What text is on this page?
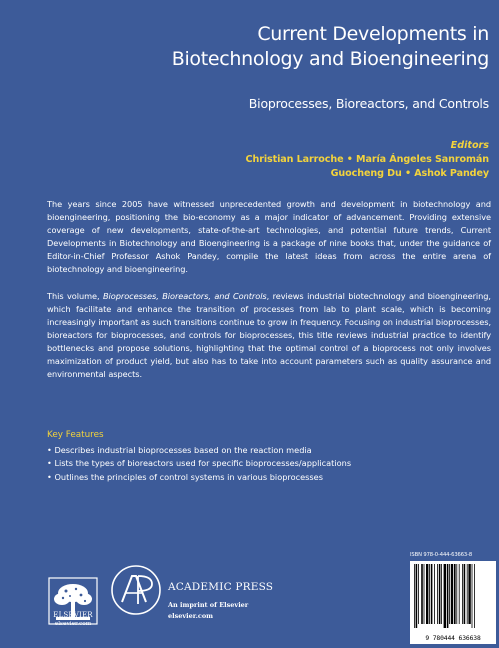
Current Developments in
Biotechnology and Bioengineering
Bioprocesses, Bioreactors, and Controls
Editors
Christian Larroche • María Ángeles Sanromán
Guocheng Du • Ashok Pandey

The years since 2005 have witnessed unprecedented growth and development in biotechnology and bioengineering, positioning the bio-economy as a major indicator of advancement. Providing extensive coverage of new developments, state-of-the-art technologies, and potential future trends, Current Developments in Biotechnology and Bioengineering is a package of nine books that, under the guidance of Editor-in-Chief Professor Ashok Pandey, compile the latest ideas from across the entire arena of biotechnology and bioengineering.

This volume, Bioprocesses, Bioreactors, and Controls, reviews industrial biotechnology and bioengineering, which facilitate and enhance the transition of processes from lab to plant scale, which is becoming increasingly important as such transitions continue to grow in frequency. Focusing on industrial bioprocesses, bioreactors for bioprocesses, and controls for bioprocesses, this title reviews industrial practice to identify bottlenecks and propose solutions, highlighting that the optimal control of a bioprocess not only involves maximization of product yield, but also has to take into account parameters such as quality assurance and environmental aspects.

Key Features
• Describes industrial bioprocesses based on the reaction media
• Lists the types of bioreactors used for specific bioprocesses/applications
• Outlines the principles of control systems in various bioprocesses
ELSEVIER
elsevier.com
ACADEMIC PRESS
An imprint of Elsevier
elsevier.com
ISBN 978-0-444-63663-8
9 780444 636638
